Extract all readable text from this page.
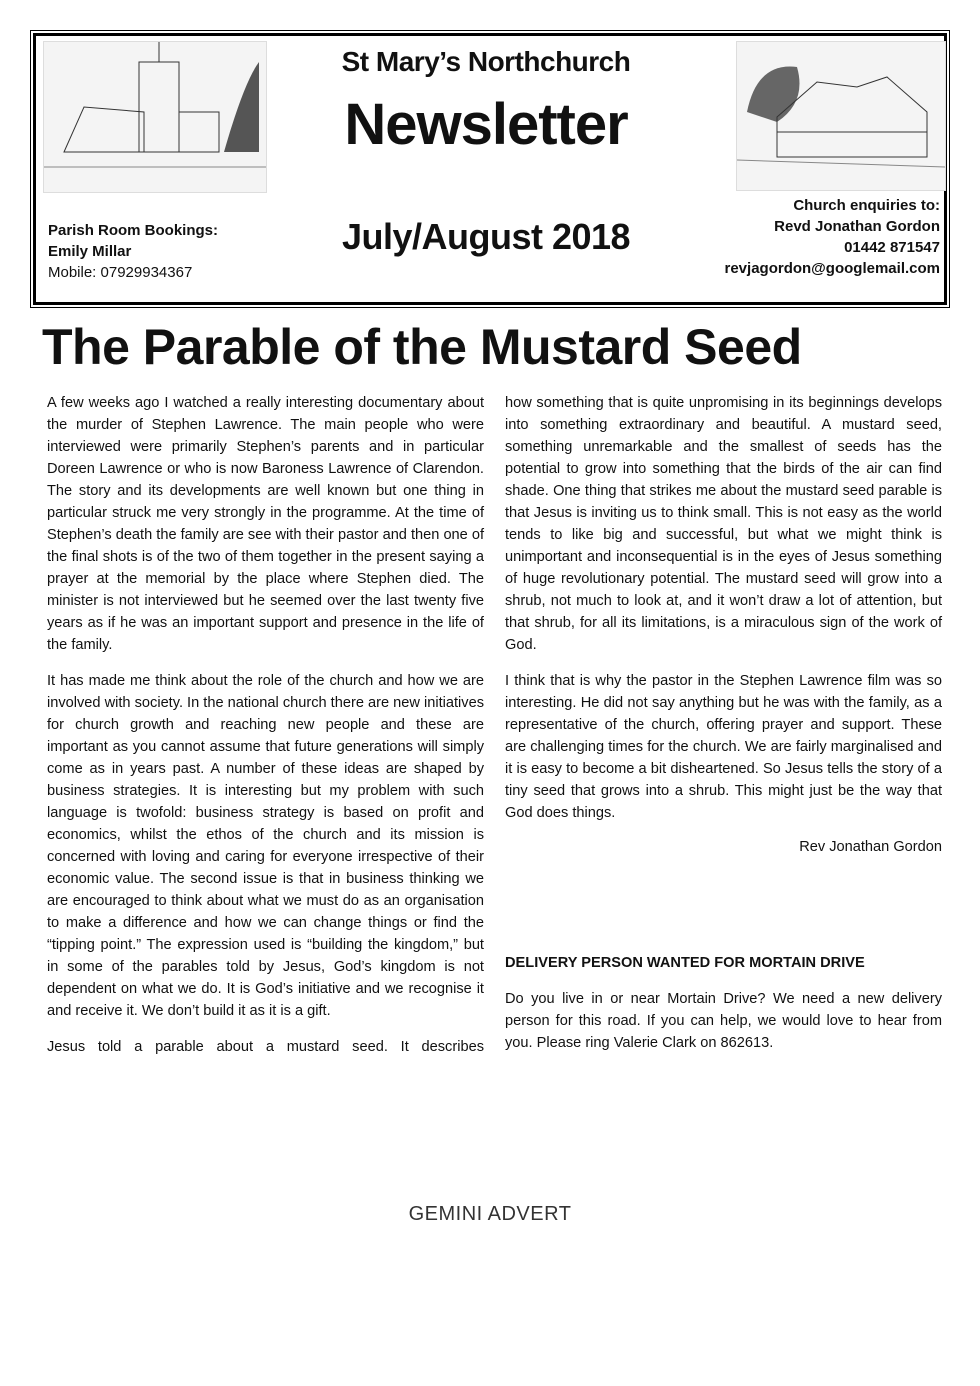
St Mary’s Northchurch
Newsletter
July/August 2018
Parish Room Bookings:
Emily Millar
Mobile: 07929934367
Church enquiries to:
Revd Jonathan Gordon
01442 871547
revjagordon@googlemail.com
The Parable of the Mustard Seed

A few weeks ago I watched a really interesting documentary about the murder of Stephen Lawrence. The main people who were interviewed were primarily Stephen’s parents and in particular Doreen Lawrence or who is now Baroness Lawrence of Clarendon. The story and its developments are well known but one thing in particular struck me very strongly in the programme. At the time of Stephen’s death the family are see with their pastor and then one of the final shots is of the two of them together in the present saying a prayer at the memorial by the place where Stephen died. The minister is not interviewed but he seemed over the last twenty five years as if he was an important support and presence in the life of the family.

It has made me think about the role of the church and how we are involved with society. In the national church there are new initiatives for church growth and reaching new people and these are important as you cannot assume that future generations will simply come as in years past. A number of these ideas are shaped by business strategies. It is interesting but my problem with such language is twofold: business strategy is based on profit and economics, whilst the ethos of the church and its mission is concerned with loving and caring for everyone irrespective of their economic value. The second issue is that in business thinking we are encouraged to think about what we must do as an organisation to make a difference and how we can change things or find the “tipping point.” The expression used is “building the kingdom,” but in some of the parables told by Jesus, God’s kingdom is not dependent on what we do. It is God’s initiative and we recognise it and receive it. We don’t build it as it is a gift.

Jesus told a parable about a mustard seed. It describes

how something that is quite unpromising in its beginnings develops into something extraordinary and beautiful. A mustard seed, something unremarkable and the smallest of seeds has the potential to grow into something that the birds of the air can find shade. One thing that strikes me about the mustard seed parable is that Jesus is inviting us to think small. This is not easy as the world tends to like big and successful, but what we might think is unimportant and inconsequential is in the eyes of Jesus something of huge revolutionary potential. The mustard seed will grow into a shrub, not much to look at, and it won’t draw a lot of attention, but that shrub, for all its limitations, is a miraculous sign of the work of God.

I think that is why the pastor in the Stephen Lawrence film was so interesting. He did not say anything but he was with the family, as a representative of the church, offering prayer and support. These are challenging times for the church. We are fairly marginalised and it is easy to become a bit disheartened. So Jesus tells the story of a tiny seed that grows into a shrub. This might just be the way that God does things.

Rev Jonathan Gordon

DELIVERY PERSON WANTED FOR MORTAIN DRIVE

Do you live in or near Mortain Drive? We need a new delivery person for this road. If you can help, we would love to hear from you. Please ring Valerie Clark on 862613.

GEMINI ADVERT
